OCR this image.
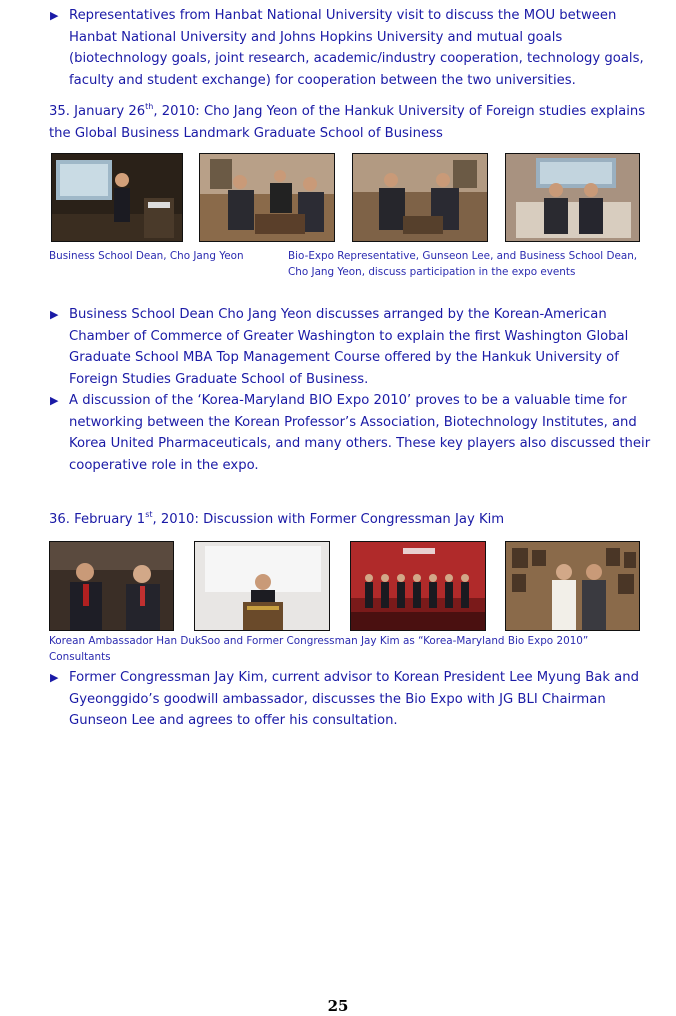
▶ Representatives from Hanbat National University visit to discuss the MOU between Hanbat National University and Johns Hopkins University and mutual goals (biotechnology goals, joint research, academic/industry cooperation, technology goals, faculty and student exchange) for cooperation between the two universities.
35. January 26th, 2010: Cho Jang Yeon of the Hankuk University of Foreign studies explains the Global Business Landmark Graduate School of Business
Business School Dean, Cho Jang Yeon	Bio-Expo Representative, Gunseon Lee, and Business School Dean, Cho Jang Yeon, discuss participation in the expo events
▶ Business School Dean Cho Jang Yeon discusses arranged by the Korean-American Chamber of Commerce of Greater Washington to explain the first Washington Global Graduate School MBA Top Management Course offered by the Hankuk University of Foreign Studies Graduate School of Business.
▶ A discussion of the ‘Korea-Maryland BIO Expo 2010’ proves to be a valuable time for networking between the Korean Professor’s Association, Biotechnology Institutes, and Korea United Pharmaceuticals, and many others. These key players also discussed their cooperative role in the expo.
36. February 1st, 2010: Discussion with Former Congressman Jay Kim
Korean Ambassador Han DukSoo and Former Congressman Jay Kim as “Korea-Maryland Bio Expo 2010” Consultants
▶ Former Congressman Jay Kim, current advisor to Korean President Lee Myung Bak and Gyeonggido’s goodwill ambassador, discusses the Bio Expo with JG BLI Chairman Gunseon Lee and agrees to offer his consultation.
25
